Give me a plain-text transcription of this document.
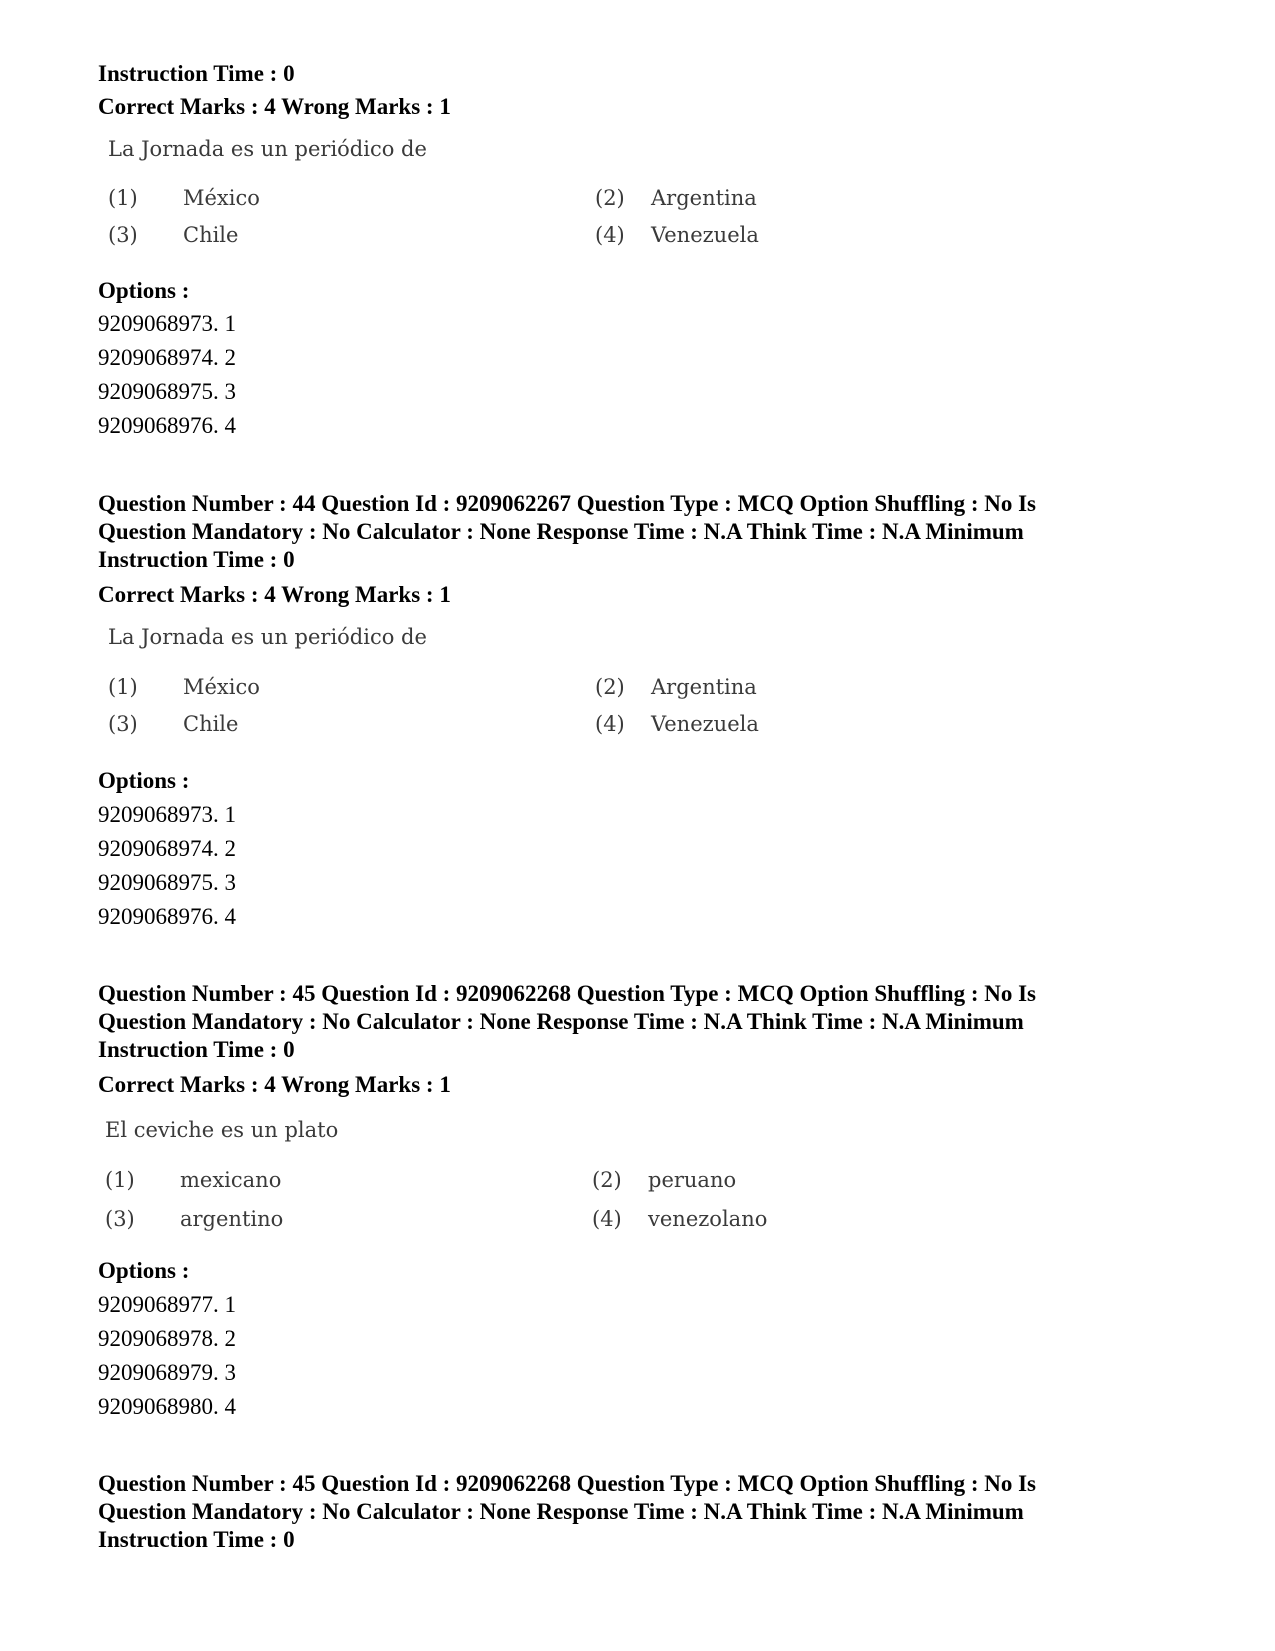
Instruction Time : 0
Correct Marks : 4 Wrong Marks : 1
La Jornada es un periódico de
(1) México	(2) Argentina
(3) Chile	(4) Venezuela
Options :
9209068973. 1
9209068974. 2
9209068975. 3
9209068976. 4
Question Number : 44 Question Id : 9209062267 Question Type : MCQ Option Shuffling : No Is
Question Mandatory : No Calculator : None Response Time : N.A Think Time : N.A Minimum
Instruction Time : 0
Correct Marks : 4 Wrong Marks : 1
La Jornada es un periódico de
(1) México	(2) Argentina
(3) Chile	(4) Venezuela
Options :
9209068973. 1
9209068974. 2
9209068975. 3
9209068976. 4
Question Number : 45 Question Id : 9209062268 Question Type : MCQ Option Shuffling : No Is
Question Mandatory : No Calculator : None Response Time : N.A Think Time : N.A Minimum
Instruction Time : 0
Correct Marks : 4 Wrong Marks : 1
El ceviche es un plato
(1) mexicano	(2) peruano
(3) argentino	(4) venezolano
Options :
9209068977. 1
9209068978. 2
9209068979. 3
9209068980. 4
Question Number : 45 Question Id : 9209062268 Question Type : MCQ Option Shuffling : No Is
Question Mandatory : No Calculator : None Response Time : N.A Think Time : N.A Minimum
Instruction Time : 0
